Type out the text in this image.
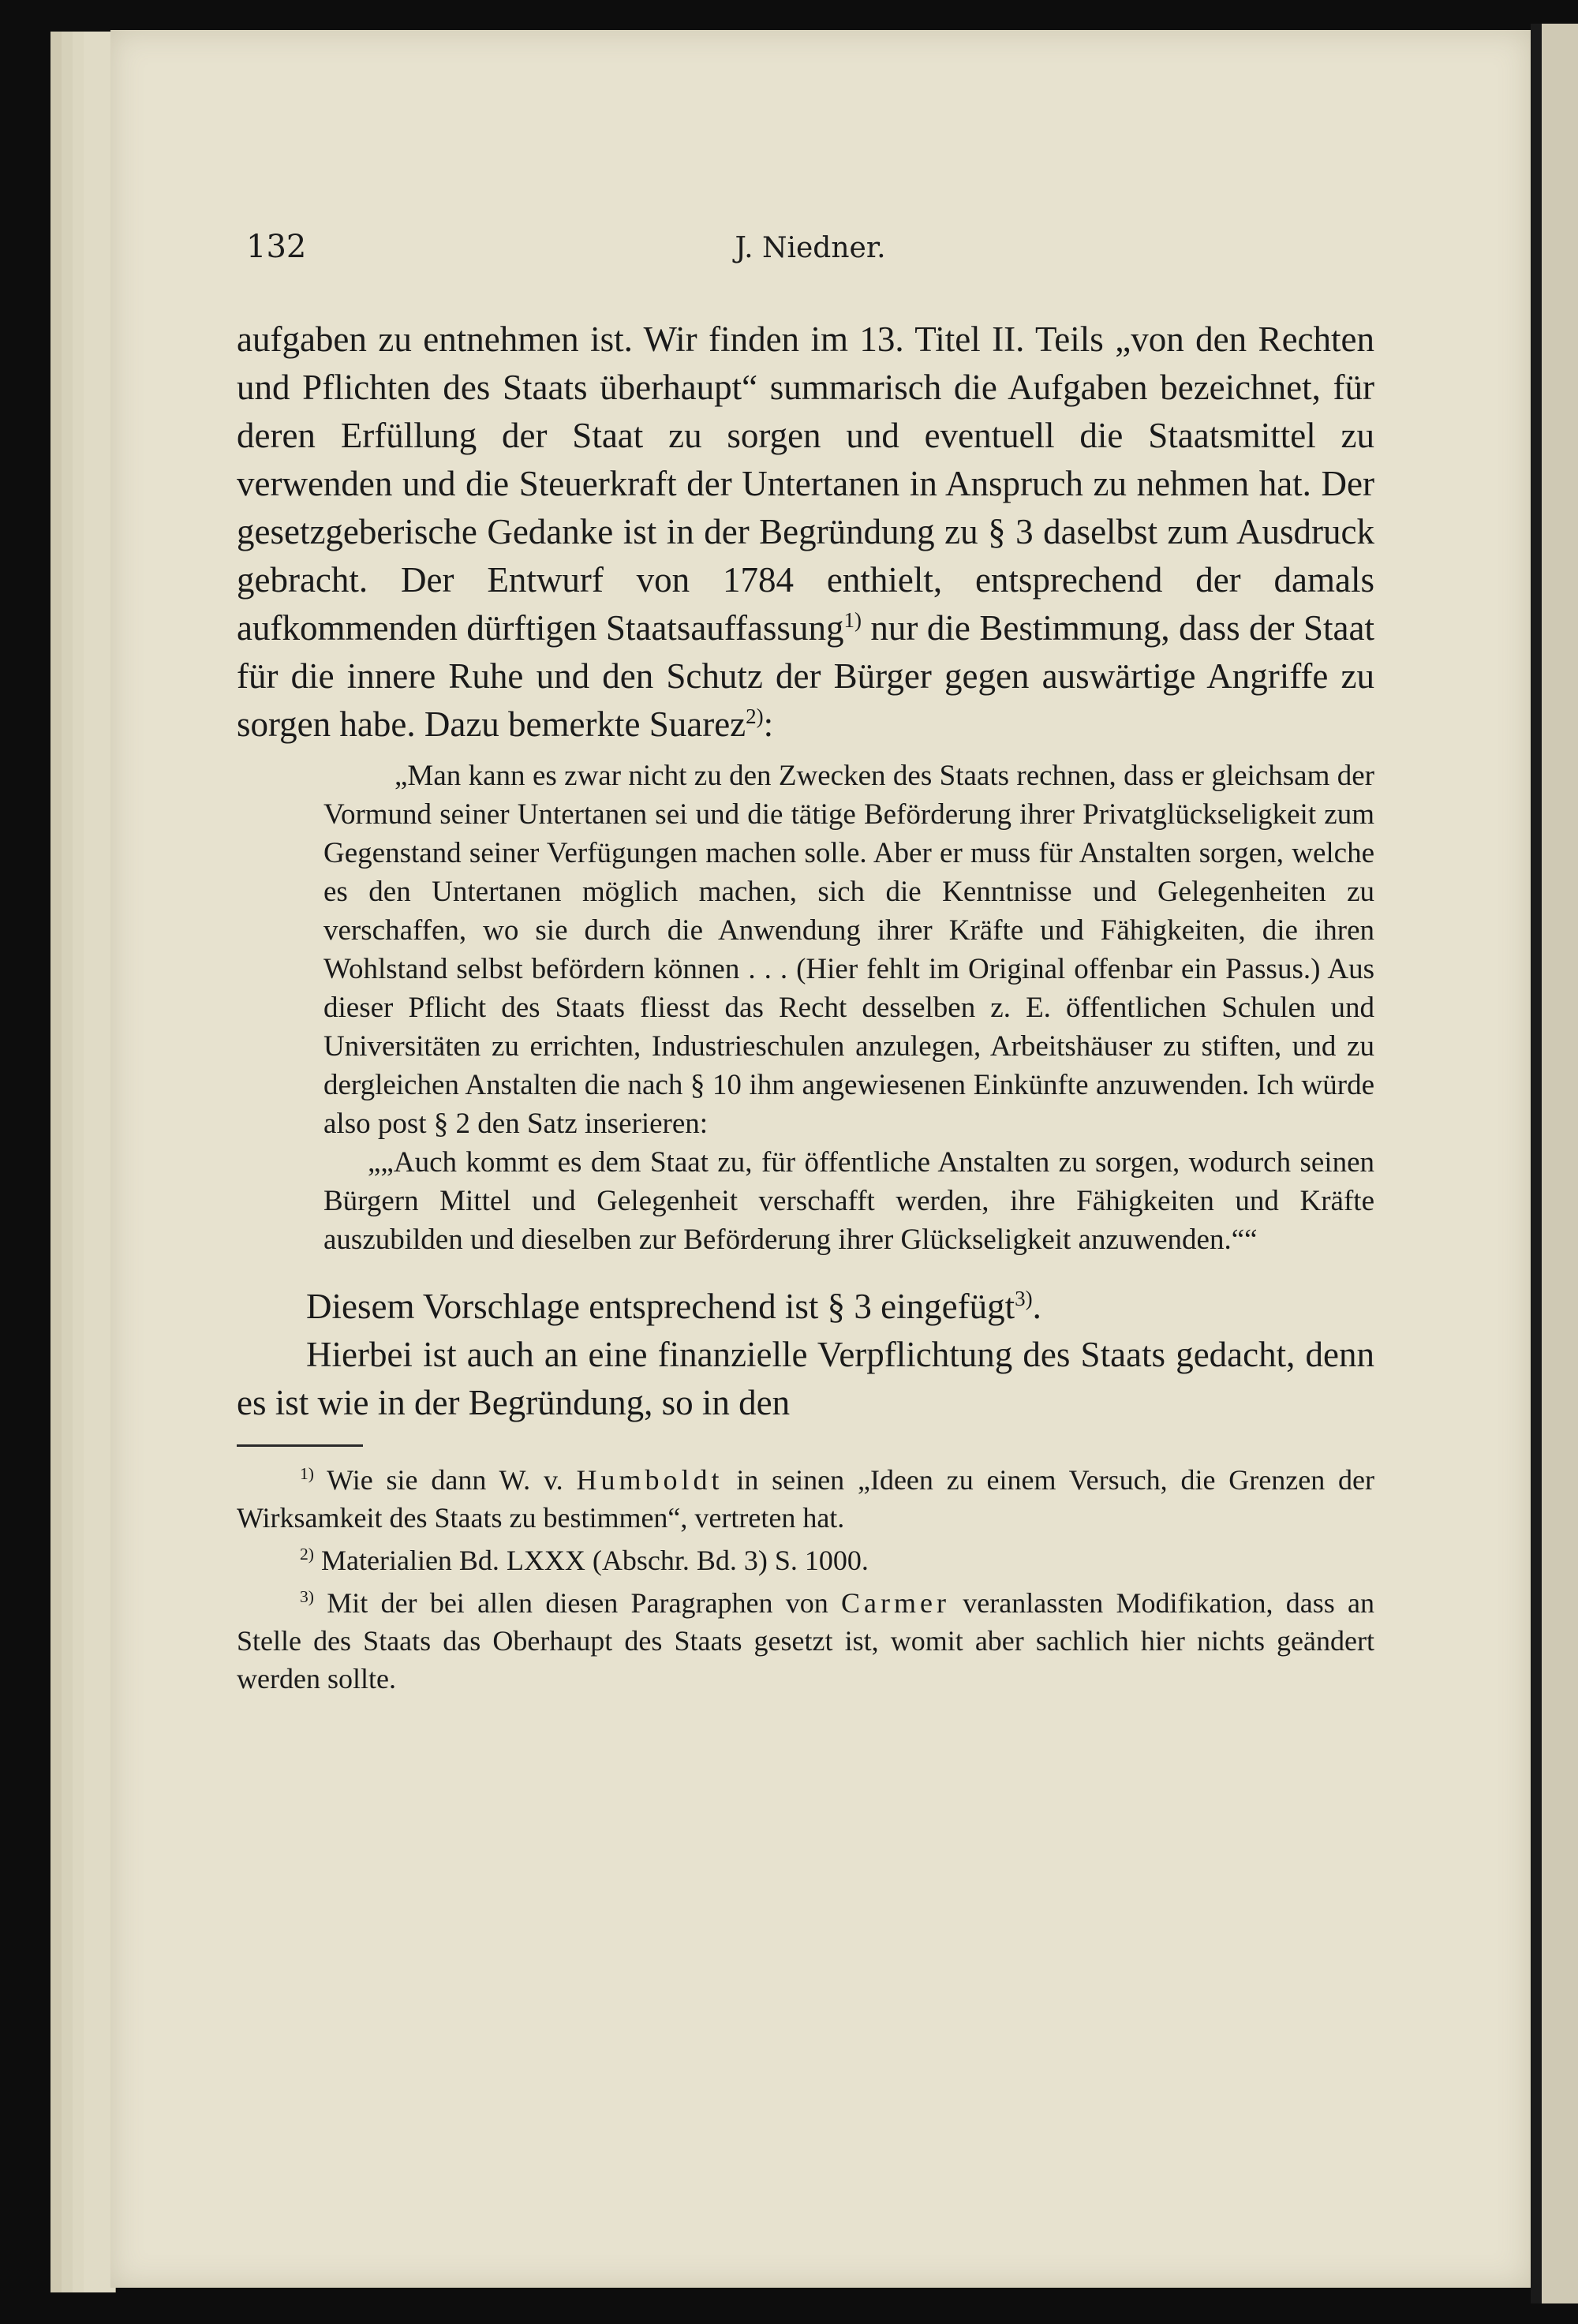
132	J. Niedner.

aufgaben zu entnehmen ist. Wir finden im 13. Titel II. Teils „von den Rechten und Pflichten des Staats überhaupt“ summarisch die Aufgaben bezeichnet, für deren Erfüllung der Staat zu sorgen und eventuell die Staatsmittel zu verwenden und die Steuerkraft der Untertanen in Anspruch zu nehmen hat. Der gesetzgeberische Gedanke ist in der Begründung zu § 3 daselbst zum Ausdruck gebracht. Der Entwurf von 1784 enthielt, entsprechend der damals aufkommenden dürftigen Staatsauffassung$^{1)}$ nur die Bestimmung, dass der Staat für die innere Ruhe und den Schutz der Bürger gegen auswärtige Angriffe zu sorgen habe. Dazu bemerkte Suarez$^{2)}$:

„Man kann es zwar nicht zu den Zwecken des Staats rechnen, dass er gleichsam der Vormund seiner Untertanen sei und die tätige Beförderung ihrer Privatglückseligkeit zum Gegenstand seiner Verfügungen machen solle. Aber er muss für Anstalten sorgen, welche es den Untertanen möglich machen, sich die Kenntnisse und Gelegenheiten zu verschaffen, wo sie durch die Anwendung ihrer Kräfte und Fähigkeiten, die ihren Wohlstand selbst befördern können . . . (Hier fehlt im Original offenbar ein Passus.) Aus dieser Pflicht des Staats fliesst das Recht desselben z. E. öffentlichen Schulen und Universitäten zu errichten, Industrieschulen anzulegen, Arbeitshäuser zu stiften, und zu dergleichen Anstalten die nach § 10 ihm angewiesenen Einkünfte anzuwenden. Ich würde also post § 2 den Satz inserieren:

„„Auch kommt es dem Staat zu, für öffentliche Anstalten zu sorgen, wodurch seinen Bürgern Mittel und Gelegenheit verschafft werden, ihre Fähigkeiten und Kräfte auszubilden und dieselben zur Beförderung ihrer Glückseligkeit anzuwenden.““

Diesem Vorschlage entsprechend ist § 3 eingefügt$^{3)}$.

Hierbei ist auch an eine finanzielle Verpflichtung des Staats gedacht, denn es ist wie in der Begründung, so in den

$^{1)}$ Wie sie dann W. v. Humboldt in seinen „Ideen zu einem Versuch, die Grenzen der Wirksamkeit des Staats zu bestimmen“, vertreten hat.

$^{2)}$ Materialien Bd. LXXX (Abschr. Bd. 3) S. 1000.

$^{3)}$ Mit der bei allen diesen Paragraphen von Carmer veranlassten Modifikation, dass an Stelle des Staats das Oberhaupt des Staats gesetzt ist, womit aber sachlich hier nichts geändert werden sollte.
